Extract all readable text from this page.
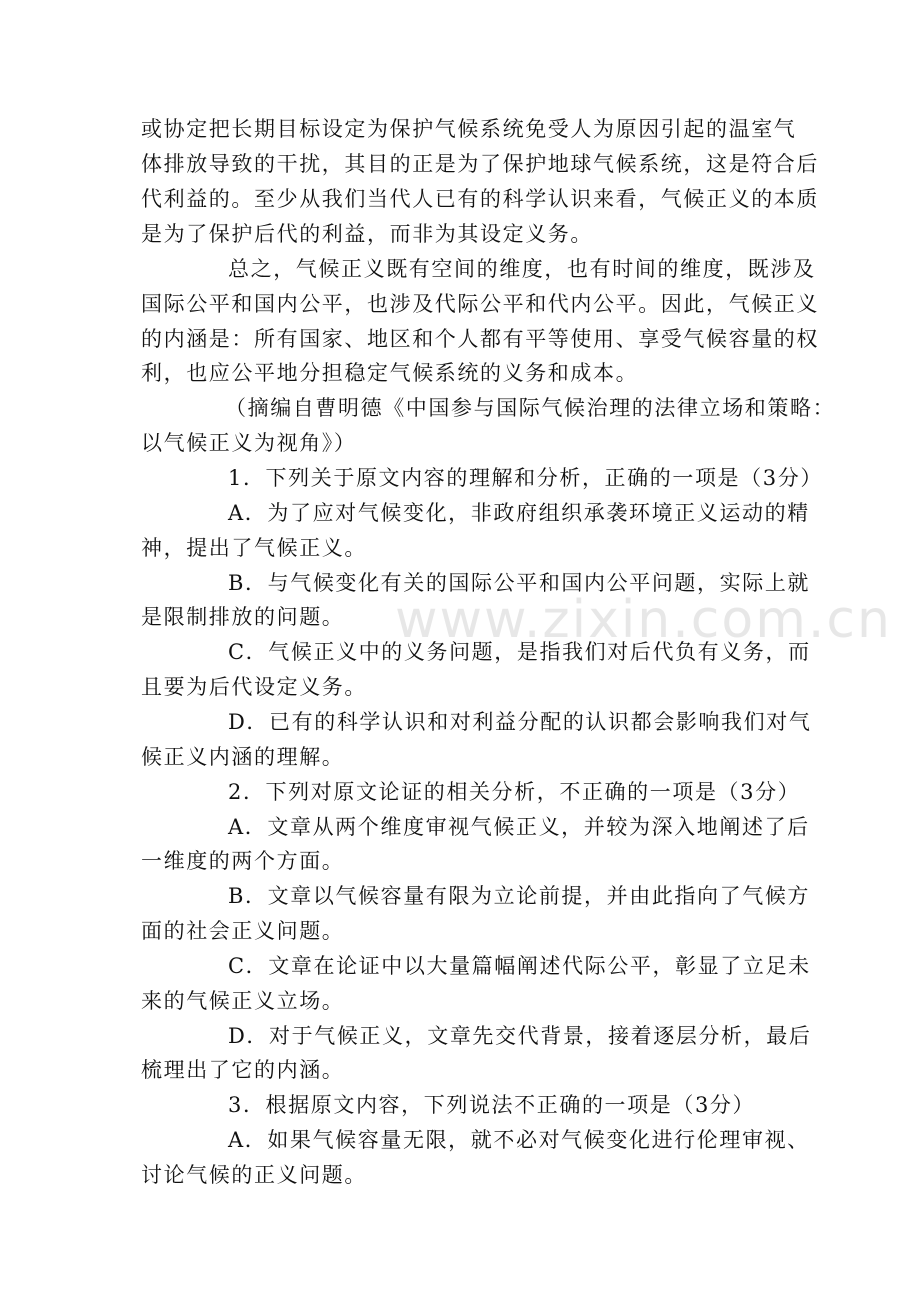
www.zixin.com.cn
或协定把长期目标设定为保护气候系统免受人为原因引起的温室气
体排放导致的干扰，其目的正是为了保护地球气候系统，这是符合后
代利益的。至少从我们当代人已有的科学认识来看，气候正义的本质
是为了保护后代的利益，而非为其设定义务。
总之，气候正义既有空间的维度，也有时间的维度，既涉及
国际公平和国内公平，也涉及代际公平和代内公平。因此，气候正义
的内涵是：所有国家、地区和个人都有平等使用、享受气候容量的权
利，也应公平地分担稳定气候系统的义务和成本。
（摘编自曹明德《中国参与国际气候治理的法律立场和策略：
以气候正义为视角》）
1．下列关于原文内容的理解和分析，正确的一项是（3分）
A．为了应对气候变化，非政府组织承袭环境正义运动的精
神，提出了气候正义。
B．与气候变化有关的国际公平和国内公平问题，实际上就
是限制排放的问题。
C．气候正义中的义务问题，是指我们对后代负有义务，而
且要为后代设定义务。
D．已有的科学认识和对利益分配的认识都会影响我们对气
候正义内涵的理解。
2．下列对原文论证的相关分析，不正确的一项是（3分）
A．文章从两个维度审视气候正义，并较为深入地阐述了后
一维度的两个方面。
B．文章以气候容量有限为立论前提，并由此指向了气候方
面的社会正义问题。
C．文章在论证中以大量篇幅阐述代际公平，彰显了立足未
来的气候正义立场。
D．对于气候正义，文章先交代背景，接着逐层分析，最后
梳理出了它的内涵。
3．根据原文内容，下列说法不正确的一项是（3分）
A．如果气候容量无限，就不必对气候变化进行伦理审视、
讨论气候的正义问题。
